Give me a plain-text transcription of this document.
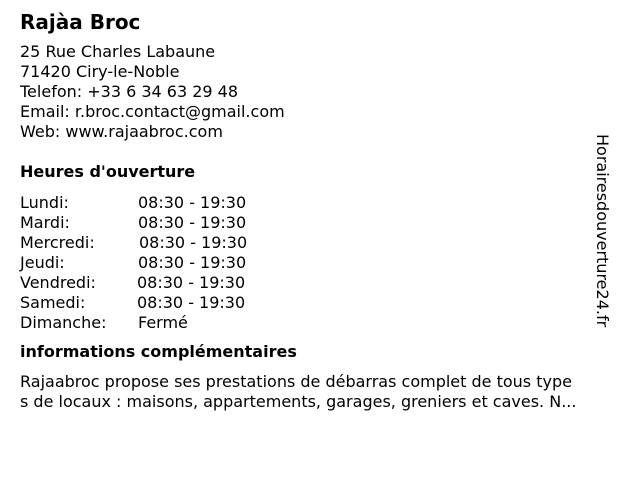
Rajàa Broc
25 Rue Charles Labaune
71420 Ciry-le-Noble
Telefon: +33 6 34 63 29 48
Email: r.broc.contact@gmail.com
Web: www.rajaabroc.com
Heures d'ouverture
Lundi:	08:30 - 19:30
Mardi:	08:30 - 19:30
Mercredi:	08:30 - 19:30
Jeudi:	08:30 - 19:30
Vendredi:	08:30 - 19:30
Samedi:	08:30 - 19:30
Dimanche: Fermé
informations complémentaires
Rajaabroc propose ses prestations de débarras complet de tous type
s de locaux : maisons, appartements, garages, greniers et caves. N...
Horairesdouverture24.fr
